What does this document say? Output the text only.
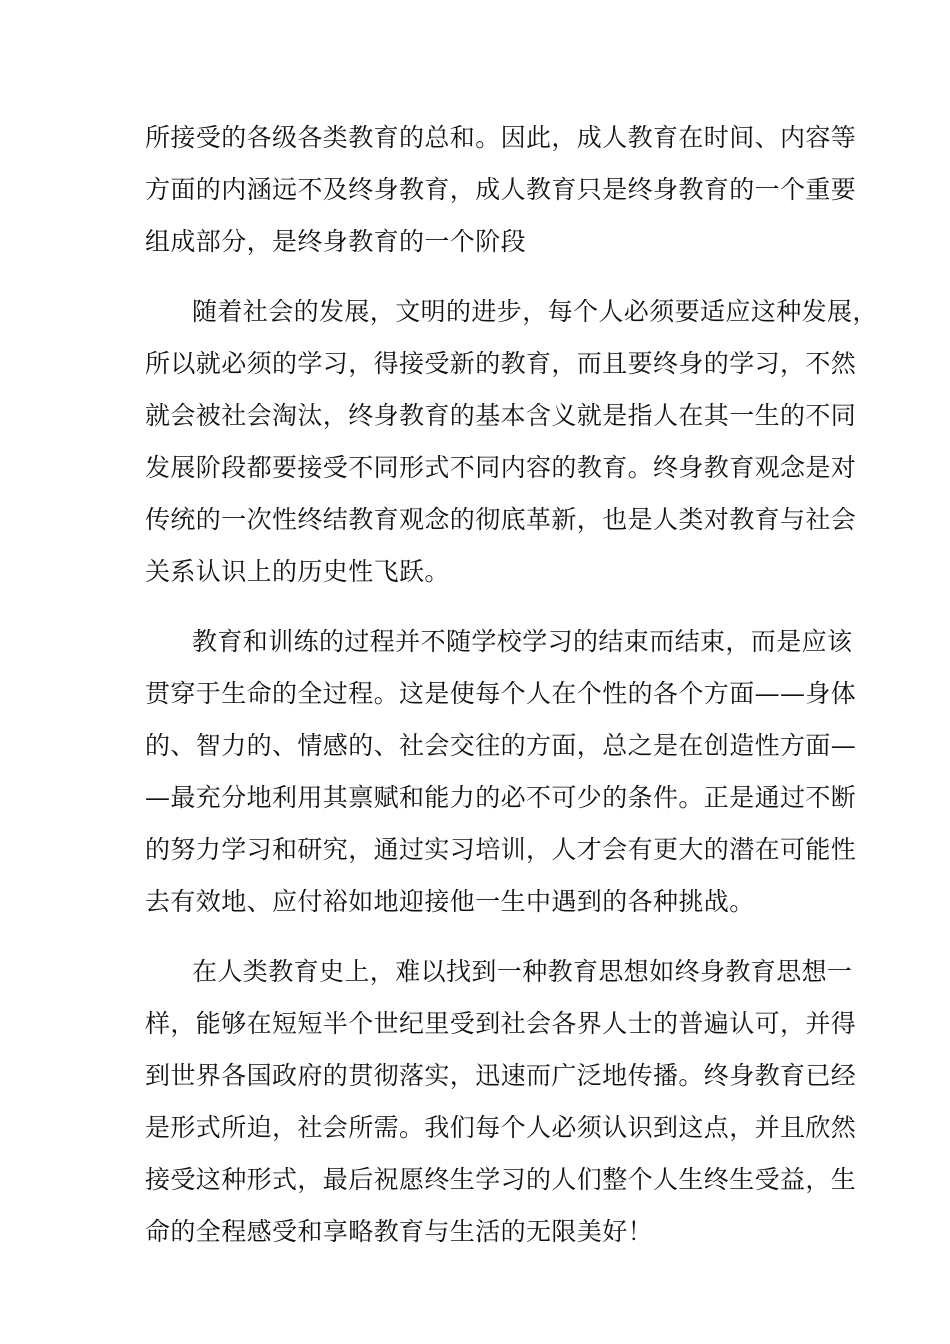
所接受的各级各类教育的总和。因此，成人教育在时间、内容等
方面的内涵远不及终身教育，成人教育只是终身教育的一个重要
组成部分，是终身教育的一个阶段
随着社会的发展，文明的进步，每个人必须要适应这种发展，
所以就必须的学习，得接受新的教育，而且要终身的学习，不然
就会被社会淘汰，终身教育的基本含义就是指人在其一生的不同
发展阶段都要接受不同形式不同内容的教育。终身教育观念是对
传统的一次性终结教育观念的彻底革新，也是人类对教育与社会
关系认识上的历史性飞跃。
教育和训练的过程并不随学校学习的结束而结束，而是应该
贯穿于生命的全过程。这是使每个人在个性的各个方面——身体
的、智力的、情感的、社会交往的方面，总之是在创造性方面—
—最充分地利用其禀赋和能力的必不可少的条件。正是通过不断
的努力学习和研究，通过实习培训，人才会有更大的潜在可能性
去有效地、应付裕如地迎接他一生中遇到的各种挑战。
在人类教育史上，难以找到一种教育思想如终身教育思想一
样，能够在短短半个世纪里受到社会各界人士的普遍认可，并得
到世界各国政府的贯彻落实，迅速而广泛地传播。终身教育已经
是形式所迫，社会所需。我们每个人必须认识到这点，并且欣然
接受这种形式，最后祝愿终生学习的人们整个人生终生受益，生
命的全程感受和享略教育与生活的无限美好！
